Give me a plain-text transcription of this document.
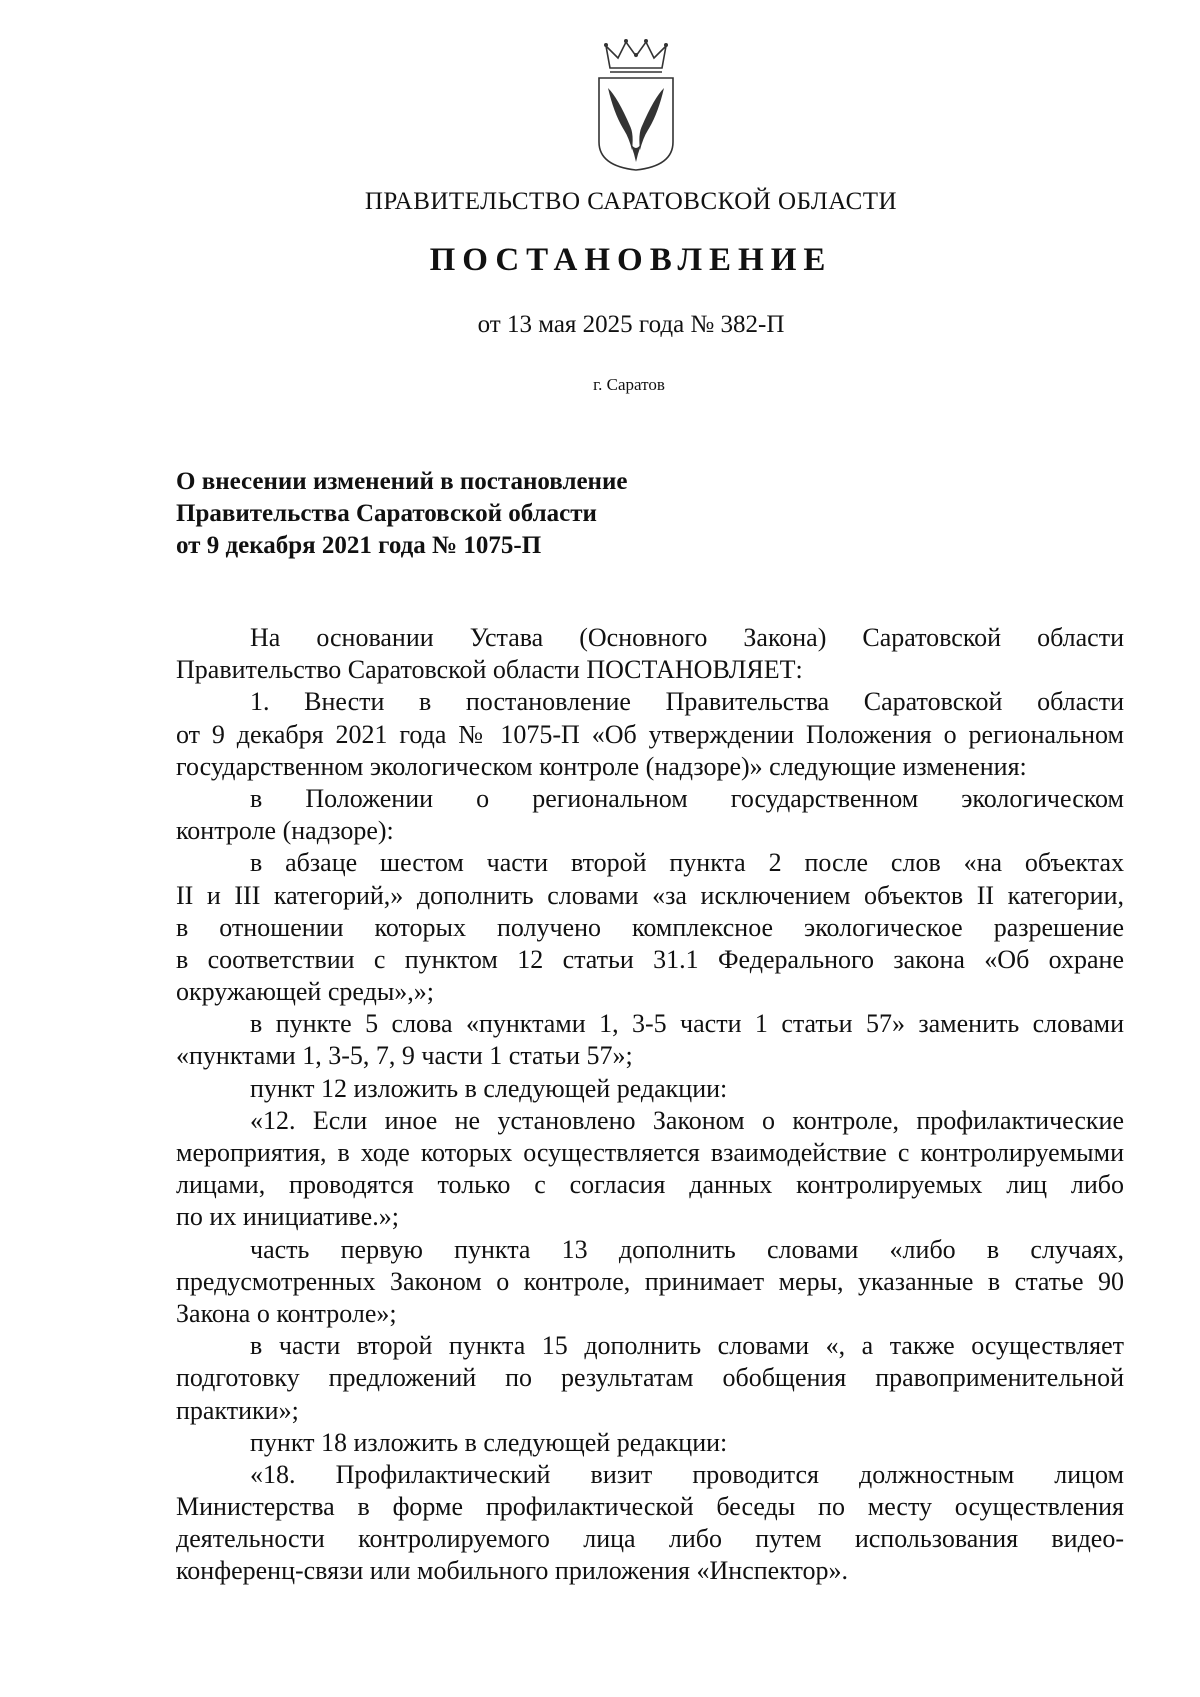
ПРАВИТЕЛЬСТВО САРАТОВСКОЙ ОБЛАСТИ
ПОСТАНОВЛЕНИЕ
от 13 мая 2025 года № 382-П
г. Саратов
О внесении изменений в постановление
Правительства Саратовской области
от 9 декабря 2021 года № 1075-П
На основании Устава (Основного Закона) Саратовской области
Правительство Саратовской области ПОСТАНОВЛЯЕТ:
1. Внести в постановление Правительства Саратовской области
от 9 декабря 2021 года № 1075-П «Об утверждении Положения о региональном
государственном экологическом контроле (надзоре)» следующие изменения:
в Положении о региональном государственном экологическом
контроле (надзоре):
в абзаце шестом части второй пункта 2 после слов «на объектах
II и III категорий,» дополнить словами «за исключением объектов II категории,
в отношении которых получено комплексное экологическое разрешение
в соответствии с пунктом 12 статьи 31.1 Федерального закона «Об охране
окружающей среды»,»;
в пункте 5 слова «пунктами 1, 3-5 части 1 статьи 57» заменить словами
«пунктами 1, 3-5, 7, 9 части 1 статьи 57»;
пункт 12 изложить в следующей редакции:
«12. Если иное не установлено Законом о контроле, профилактические
мероприятия, в ходе которых осуществляется взаимодействие с контролируемыми
лицами, проводятся только с согласия данных контролируемых лиц либо
по их инициативе.»;
часть первую пункта 13 дополнить словами «либо в случаях,
предусмотренных Законом о контроле, принимает меры, указанные в статье 90
Закона о контроле»;
в части второй пункта 15 дополнить словами «, а также осуществляет
подготовку предложений по результатам обобщения правоприменительной
практики»;
пункт 18 изложить в следующей редакции:
«18. Профилактический визит проводится должностным лицом
Министерства в форме профилактической беседы по месту осуществления
деятельности контролируемого лица либо путем использования видео-
конференц-связи или мобильного приложения «Инспектор».
